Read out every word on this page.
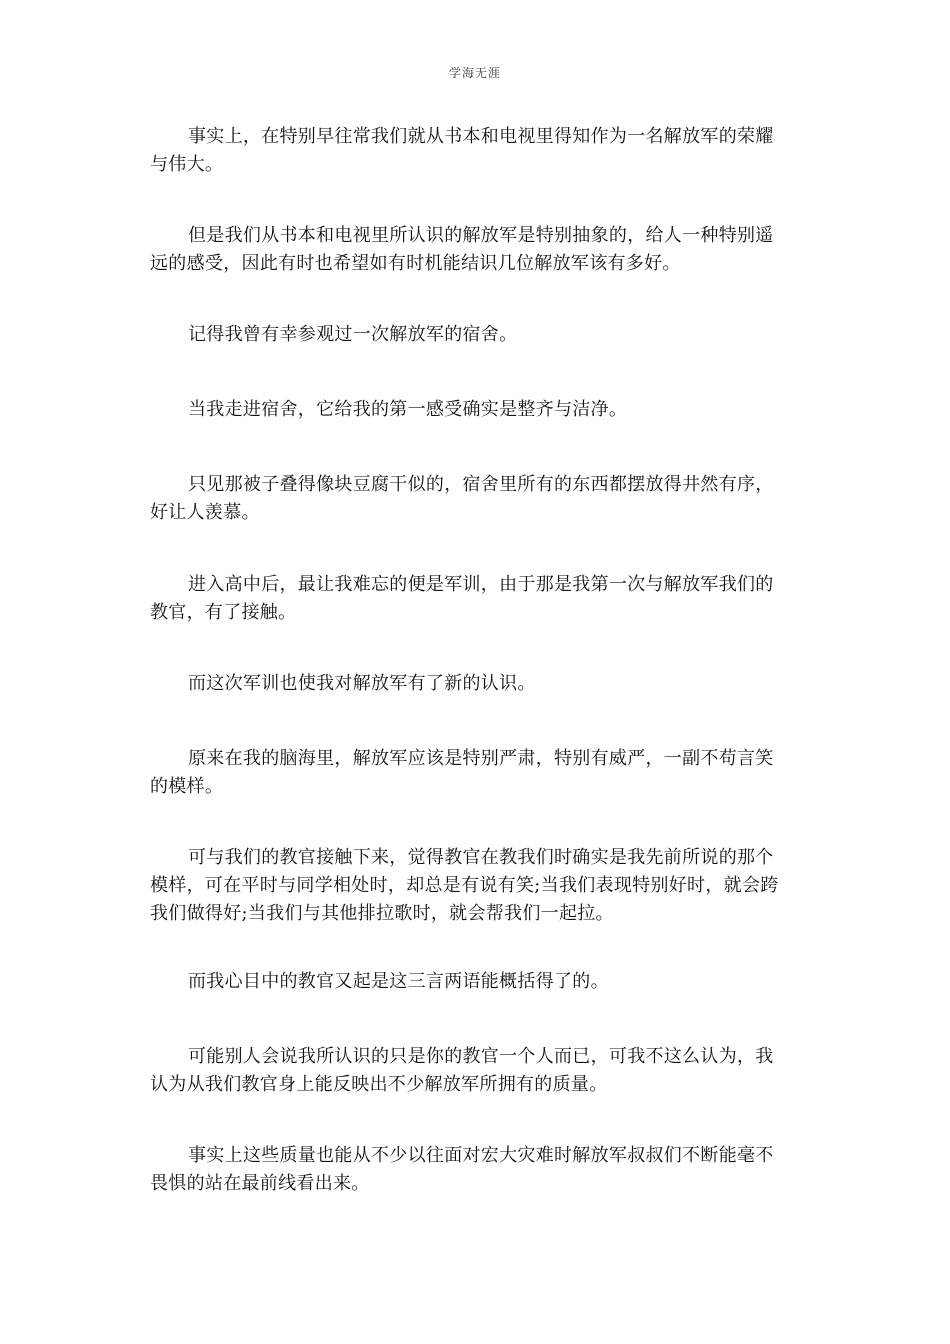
学海无涯

事实上，在特别早往常我们就从书本和电视里得知作为一名解放军的荣耀与伟大。

但是我们从书本和电视里所认识的解放军是特别抽象的，给人一种特别遥远的感受，因此有时也希望如有时机能结识几位解放军该有多好。

记得我曾有幸参观过一次解放军的宿舍。

当我走进宿舍，它给我的第一感受确实是整齐与洁净。

只见那被子叠得像块豆腐干似的，宿舍里所有的东西都摆放得井然有序，好让人羡慕。

进入高中后，最让我难忘的便是军训，由于那是我第一次与解放军我们的教官，有了接触。

而这次军训也使我对解放军有了新的认识。

原来在我的脑海里，解放军应该是特别严肃，特别有威严，一副不苟言笑的模样。

可与我们的教官接触下来，觉得教官在教我们时确实是我先前所说的那个模样，可在平时与同学相处时，却总是有说有笑;当我们表现特别好时，就会跨我们做得好;当我们与其他排拉歌时，就会帮我们一起拉。

而我心目中的教官又起是这三言两语能概括得了的。

可能别人会说我所认识的只是你的教官一个人而已，可我不这么认为，我认为从我们教官身上能反映出不少解放军所拥有的质量。

事实上这些质量也能从不少以往面对宏大灾难时解放军叔叔们不断能毫不畏惧的站在最前线看出来。
